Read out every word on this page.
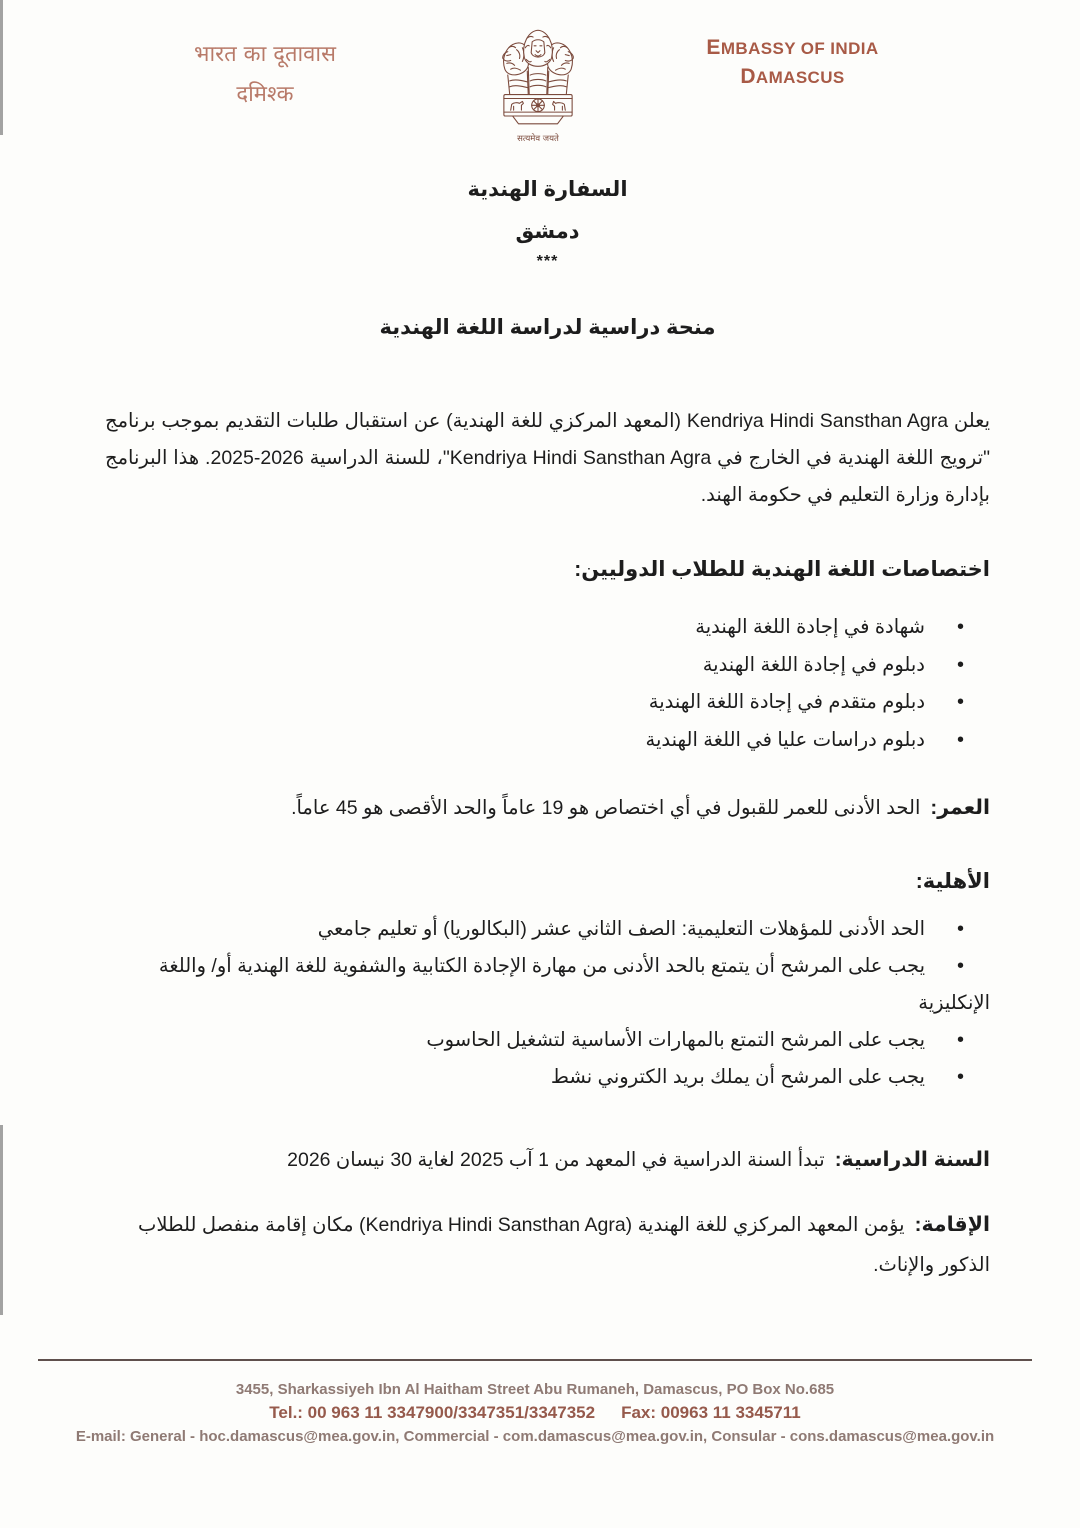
भारत का दूतावास
दमिश्क
सत्यमेव जयते
EMBASSY OF INDIA
DAMASCUS
السفارة الهندية
دمشق
***
منحة دراسية لدراسة اللغة الهندية

يعلن Kendriya Hindi Sansthan Agra (المعهد المركزي للغة الهندية) عن استقبال طلبات التقديم بموجب برنامج "ترويج اللغة الهندية في الخارج في Kendriya Hindi Sansthan Agra"، للسنة الدراسية 2026-2025. هذا البرنامج بإدارة وزارة التعليم في حكومة الهند.

اختصاصات اللغة الهندية للطلاب الدوليين:
• شهادة في إجادة اللغة الهندية
• دبلوم في إجادة اللغة الهندية
• دبلوم متقدم في إجادة اللغة الهندية
• دبلوم دراسات عليا في اللغة الهندية
العمر:الحد الأدنى للعمر للقبول في أي اختصاص هو 19 عاماً والحد الأقصى هو 45 عاماً.
الأهلية:
• الحد الأدنى للمؤهلات التعليمية: الصف الثاني عشر (البكالوريا) أو تعليم جامعي
• يجب على المرشح أن يتمتع بالحد الأدنى من مهارة الإجادة الكتابية والشفوية للغة الهندية أو/ واللغة الإنكليزية
• يجب على المرشح التمتع بالمهارات الأساسية لتشغيل الحاسوب
• يجب على المرشح أن يملك بريد الكتروني نشط
السنة الدراسية:تبدأ السنة الدراسية في المعهد من 1 آب 2025 لغاية 30 نيسان 2026
الإقامة:يؤمن المعهد المركزي للغة الهندية (Kendriya Hindi Sansthan Agra) مكان إقامة منفصل للطلاب الذكور والإناث.
3455, Sharkassiyeh Ibn Al Haitham Street Abu Rumaneh, Damascus, PO Box No.685
Tel.: 00 963 11 3347900/3347351/3347352 Fax: 00963 11 3345711
E-mail: General - hoc.damascus@mea.gov.in, Commercial - com.damascus@mea.gov.in, Consular - cons.damascus@mea.gov.in
